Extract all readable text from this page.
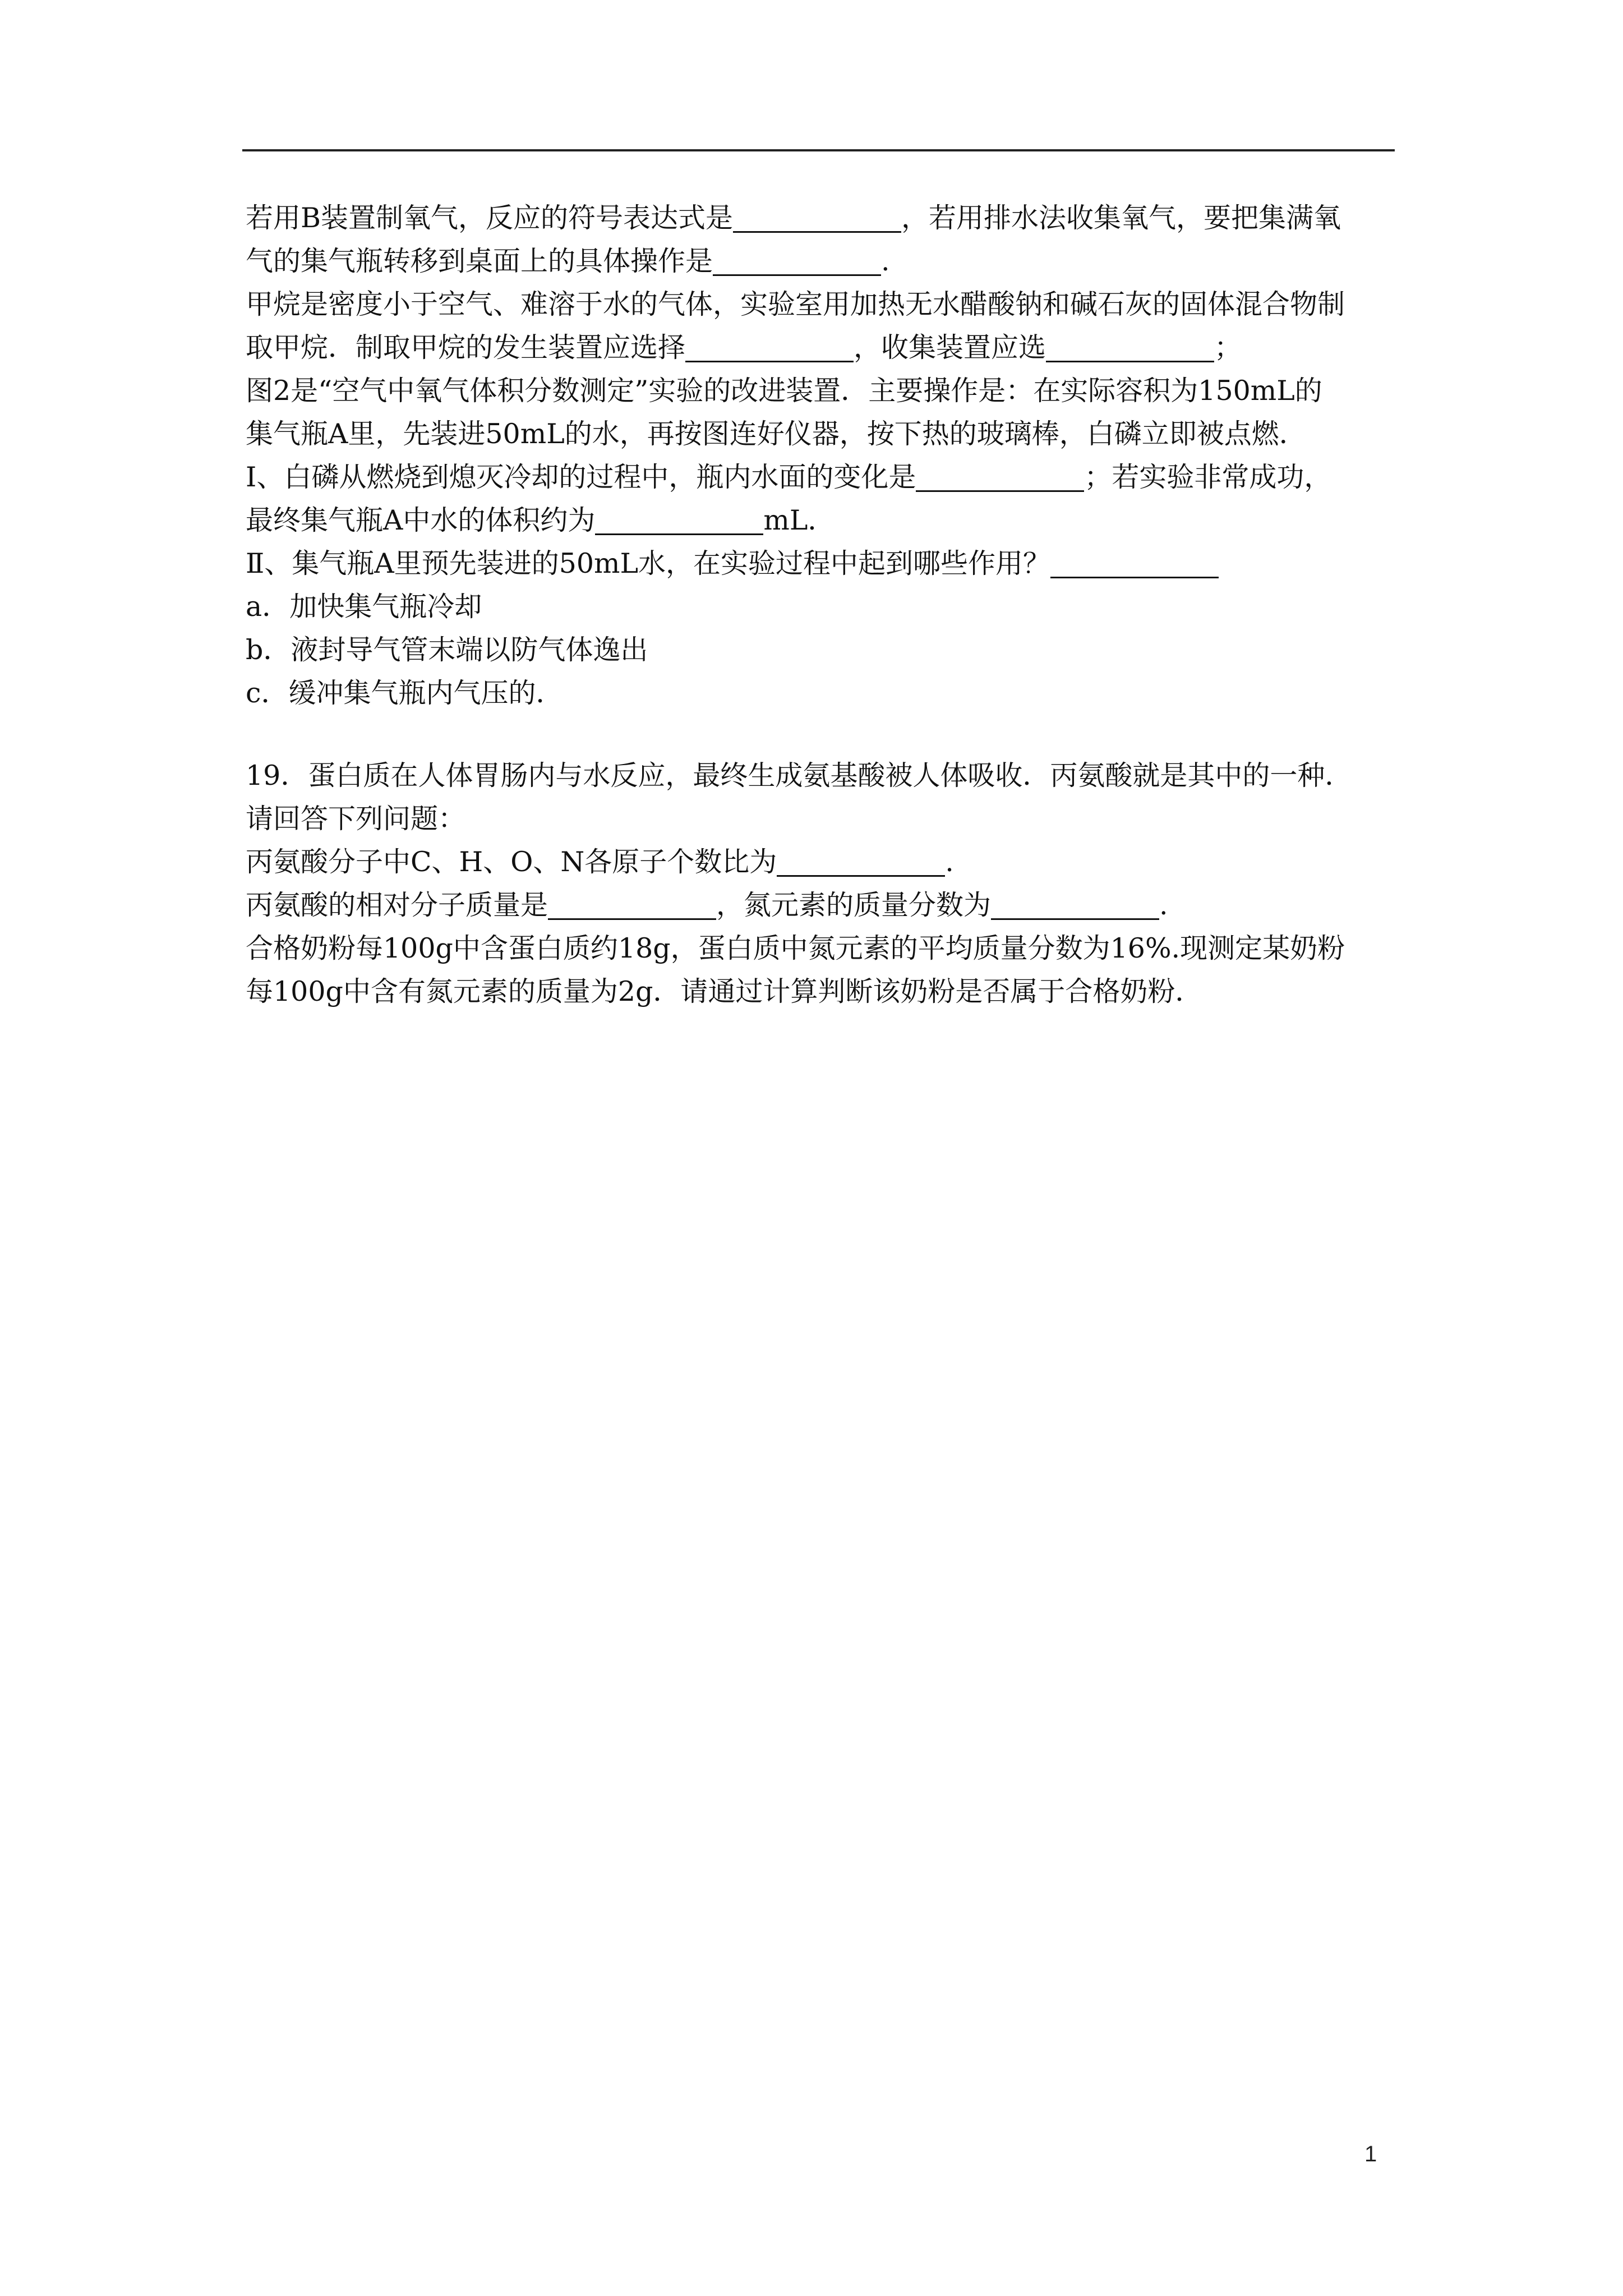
若用B装置制氧气，反应的符号表达式是	，若用排水法收集氧气，要把集满氧
气的集气瓶转移到桌面上的具体操作是	.
甲烷是密度小于空气、难溶于水的气体，实验室用加热无水醋酸钠和碱石灰的固体混合物制
取甲烷．制取甲烷的发生装置应选择	，收集装置应选	；
图2是“空气中氧气体积分数测定”实验的改进装置．主要操作是：在实际容积为150mL的
集气瓶A里，先装进50mL的水，再按图连好仪器，按下热的玻璃棒，白磷立即被点燃．
Ⅰ、白磷从燃烧到熄灭冷却的过程中，瓶内水面的变化是	；若实验非常成功，
最终集气瓶A中水的体积约为	mL．
Ⅱ、集气瓶A里预先装进的50mL水，在实验过程中起到哪些作用？
a．加快集气瓶冷却
b．液封导气管末端以防气体逸出
c．缓冲集气瓶内气压的．
19．蛋白质在人体胃肠内与水反应，最终生成氨基酸被人体吸收．丙氨酸就是其中的一种．
请回答下列问题：
丙氨酸分子中C、H、O、N各原子个数比为	.
丙氨酸的相对分子质量是	，氮元素的质量分数为	.
合格奶粉每100g中含蛋白质约18g，蛋白质中氮元素的平均质量分数为16%.现测定某奶粉
每100g中含有氮元素的质量为2g．请通过计算判断该奶粉是否属于合格奶粉．
1
